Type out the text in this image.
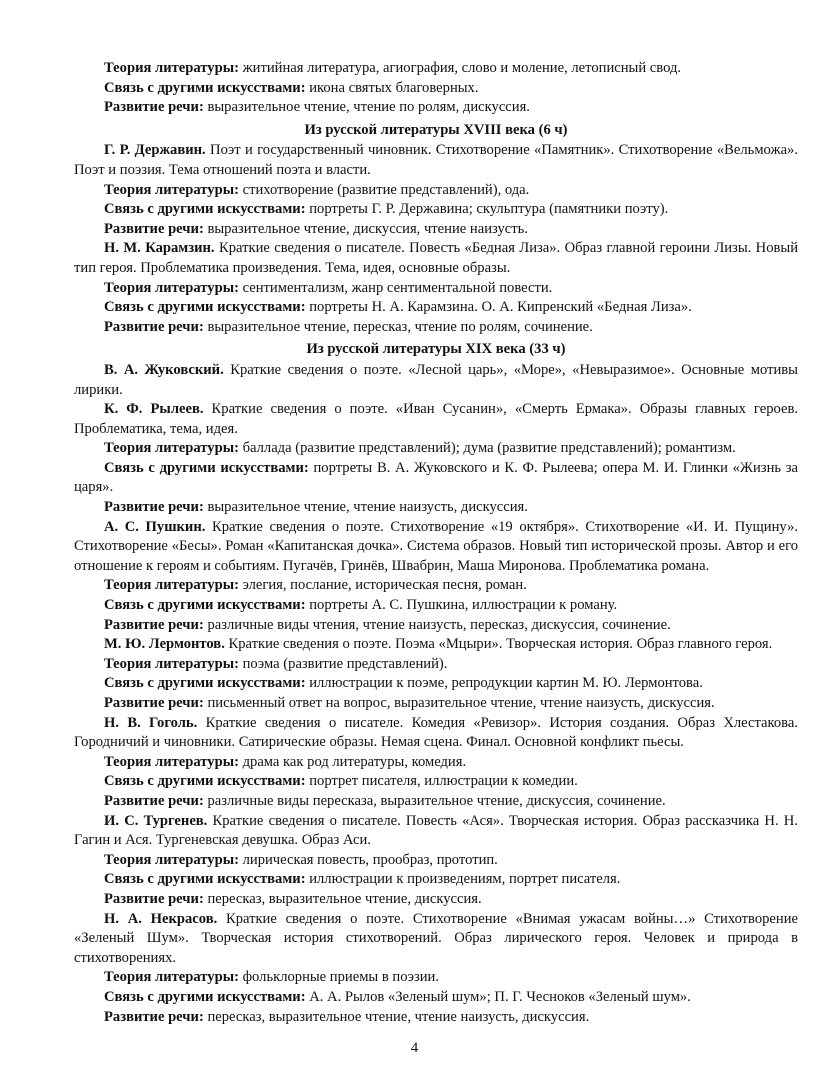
Теория литературы: житийная литература, агиография, слово и моление, летописный свод.

Связь с другими искусствами: икона святых благоверных.

Развитие речи: выразительное чтение, чтение по ролям, дискуссия.

Из русской литературы XVIII века (6 ч)

Г. Р. Державин. Поэт и государственный чиновник. Стихотворение «Памятник». Стихотворение «Вельможа». Поэт и поэзия. Тема отношений поэта и власти.

Теория литературы: стихотворение (развитие представлений), ода.

Связь с другими искусствами: портреты Г. Р. Державина; скульптура (памятники поэту).

Развитие речи: выразительное чтение, дискуссия, чтение наизусть.

Н. М. Карамзин. Краткие сведения о писателе. Повесть «Бедная Лиза». Образ главной героини Лизы. Новый тип героя. Проблематика произведения. Тема, идея, основные образы.

Теория литературы: сентиментализм, жанр сентиментальной повести.

Связь с другими искусствами: портреты Н. А. Карамзина. О. А. Кипренский «Бедная Лиза».

Развитие речи: выразительное чтение, пересказ, чтение по ролям, сочинение.

Из русской литературы XIX века (33 ч)

В. А. Жуковский. Краткие сведения о поэте. «Лесной царь», «Море», «Невыразимое». Основные мотивы лирики.

К. Ф. Рылеев. Краткие сведения о поэте. «Иван Сусанин», «Смерть Ермака». Образы главных героев. Проблематика, тема, идея.

Теория литературы: баллада (развитие представлений); дума (развитие представлений); романтизм.

Связь с другими искусствами: портреты В. А. Жуковского и К. Ф. Рылеева; опера М. И. Глинки «Жизнь за царя».

Развитие речи: выразительное чтение, чтение наизусть, дискуссия.

А. С. Пушкин. Краткие сведения о поэте. Стихотворение «19 октября». Стихотворение «И. И. Пущину». Стихотворение «Бесы». Роман «Капитанская дочка». Система образов. Новый тип исторической прозы. Автор и его отношение к героям и событиям. Пугачёв, Гринёв, Швабрин, Маша Миронова. Проблематика романа.

Теория литературы: элегия, послание, историческая песня, роман.

Связь с другими искусствами: портреты А. С. Пушкина, иллюстрации к роману.

Развитие речи: различные виды чтения, чтение наизусть, пересказ, дискуссия, сочинение.

М. Ю. Лермонтов. Краткие сведения о поэте. Поэма «Мцыри». Творческая история. Образ главного героя.

Теория литературы: поэма (развитие представлений).

Связь с другими искусствами: иллюстрации к поэме, репродукции картин М. Ю. Лермонтова.

Развитие речи: письменный ответ на вопрос, выразительное чтение, чтение наизусть, дискуссия.

Н. В. Гоголь. Краткие сведения о писателе. Комедия «Ревизор». История создания. Образ Хлестакова. Городничий и чиновники. Сатирические образы. Немая сцена. Финал. Основной конфликт пьесы.

Теория литературы: драма как род литературы, комедия.

Связь с другими искусствами: портрет писателя, иллюстрации к комедии.

Развитие речи: различные виды пересказа, выразительное чтение, дискуссия, сочинение.

И. С. Тургенев. Краткие сведения о писателе. Повесть «Ася». Творческая история. Образ рассказчика Н. Н. Гагин и Ася. Тургеневская девушка. Образ Аси.

Теория литературы: лирическая повесть, прообраз, прототип.

Связь с другими искусствами: иллюстрации к произведениям, портрет писателя.

Развитие речи: пересказ, выразительное чтение, дискуссия.

Н. А. Некрасов. Краткие сведения о поэте. Стихотворение «Внимая ужасам войны…» Стихотворение «Зеленый Шум». Творческая история стихотворений. Образ лирического героя. Человек и природа в стихотворениях.

Теория литературы: фольклорные приемы в поэзии.

Связь с другими искусствами: А. А. Рылов «Зеленый шум»; П. Г. Чесноков «Зеленый шум».

Развитие речи: пересказ, выразительное чтение, чтение наизусть, дискуссия.

4
